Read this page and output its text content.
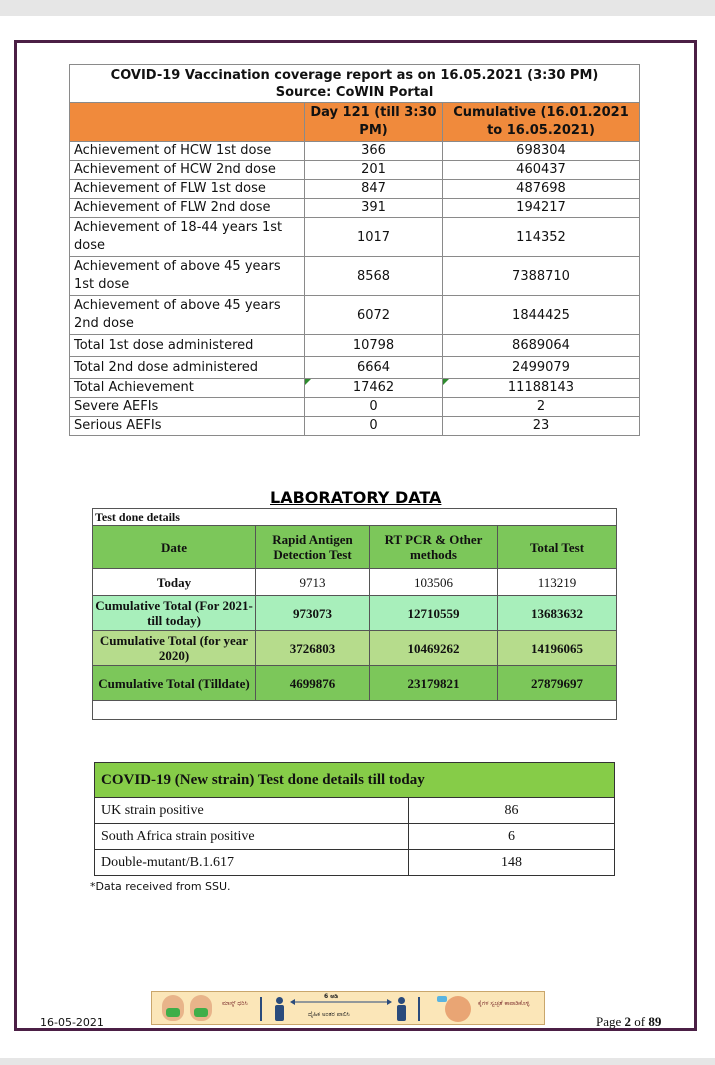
COVID-19 Vaccination coverage report as on 16.05.2021 (3:30 PM)
Source: CoWIN Portal		

	Day 121 (till 3:30 PM)	Cumulative (16.01.2021 to 16.05.2021)
Achievement of HCW 1st dose	366	698304
Achievement of HCW 2nd dose	201	460437
Achievement of FLW 1st dose	847	487698
Achievement of FLW 2nd dose	391	194217
Achievement of 18-44 years 1st dose	1017	114352
Achievement of above 45 years 1st dose	8568	7388710
Achievement of above 45 years 2nd dose	6072	1844425
Total 1st dose administered	10798	8689064
Total 2nd dose administered	6664	2499079
Total Achievement	17462	11188143
Severe AEFIs	0	2
Serious AEFIs	0	23
LABORATORY DATA
Test done details			
Date	Rapid Antigen Detection Test	RT PCR & Other methods	Total Test
Today	9713	103506	113219
Cumulative Total (For 2021- till today)	973073	12710559	13683632
Cumulative Total (for year 2020)	3726803	10469262	14196065
Cumulative Total (Tilldate)	4699876	23179821	27879697

COVID-19 (New strain) Test done details till today	
UK strain positive	86
South Africa strain positive	6
Double-mutant/B.1.617	148
*Data received from SSU.
ಮಾಸ್ಕ್ ಧರಿಸಿ
6 ಅಡಿ
ದೈಹಿಕ ಅಂತರ ಪಾಲಿಸಿ
ಕೈಗಳ ಸ್ವಚ್ಛತೆ ಕಾಪಾಡಿಕೊಳ್ಳಿ
16-05-2021	Page 2 of 89
